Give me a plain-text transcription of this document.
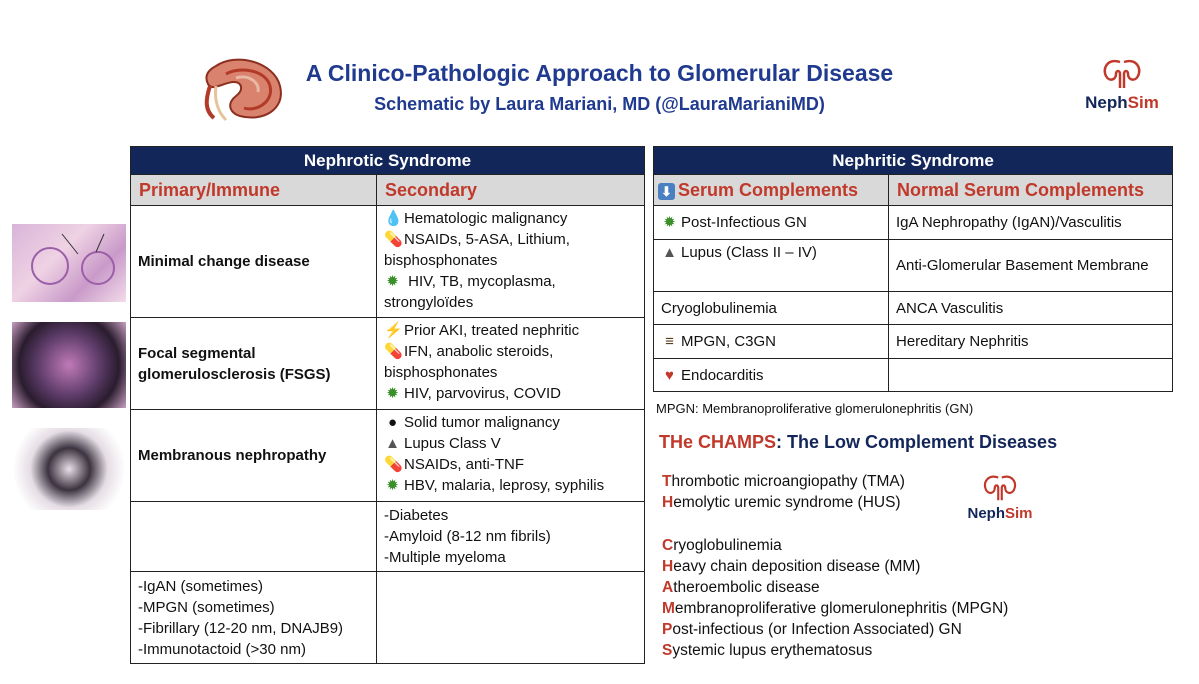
A Clinico-Pathologic Approach to Glomerular Disease
Schematic by Laura Mariani, MD (@LauraMarianiMD)	NephSim
Nephrotic Syndrome	
Primary/Immune	Secondary
Minimal change disease	💧Hematologic malignancy
💊NSAIDs, 5-ASA, Lithium, bisphosphonates
✹ HIV, TB, mycoplasma, strongyloïdes

Focal segmental glomerulosclerosis (FSGS)	⚡Prior AKI, treated nephritic
💊IFN, anabolic steroids, bisphosphonates
✹ HIV, parvovirus, COVID

Membranous nephropathy	● Solid tumor malignancy
▲ Lupus Class V
💊NSAIDs, anti-TNF
✹ HBV, malaria, leprosy, syphilis

	-Diabetes
-Amyloid (8-12 nm fibrils)
-Multiple myeloma

-IgAN (sometimes)
-MPGN (sometimes)
-Fibrillary (12-20 nm, DNAJB9)
-Immunotactoid (>30 nm)	

Nephritic Syndrome	
⬇ Serum Complements	Normal Serum Complements
✹ Post-Infectious GN	IgA Nephropathy (IgAN)/Vasculitis
▲ Lupus (Class II – IV)	Anti-Glomerular Basement Membrane
Cryoglobulinemia	ANCA Vasculitis
≡ MPGN, C3GN	Hereditary Nephritis
♥ Endocarditis	
MPGN: Membranoproliferative glomerulonephritis (GN)
THe CHAMPS: The Low Complement Diseases
Thrombotic microangiopathy (TMA)
Hemolytic uremic syndrome (HUS)
NephSim
Cryoglobulinemia
Heavy chain deposition disease (MM)
Atheroembolic disease
Membranoproliferative glomerulonephritis (MPGN)
Post-infectious (or Infection Associated) GN
Systemic lupus erythematosus
